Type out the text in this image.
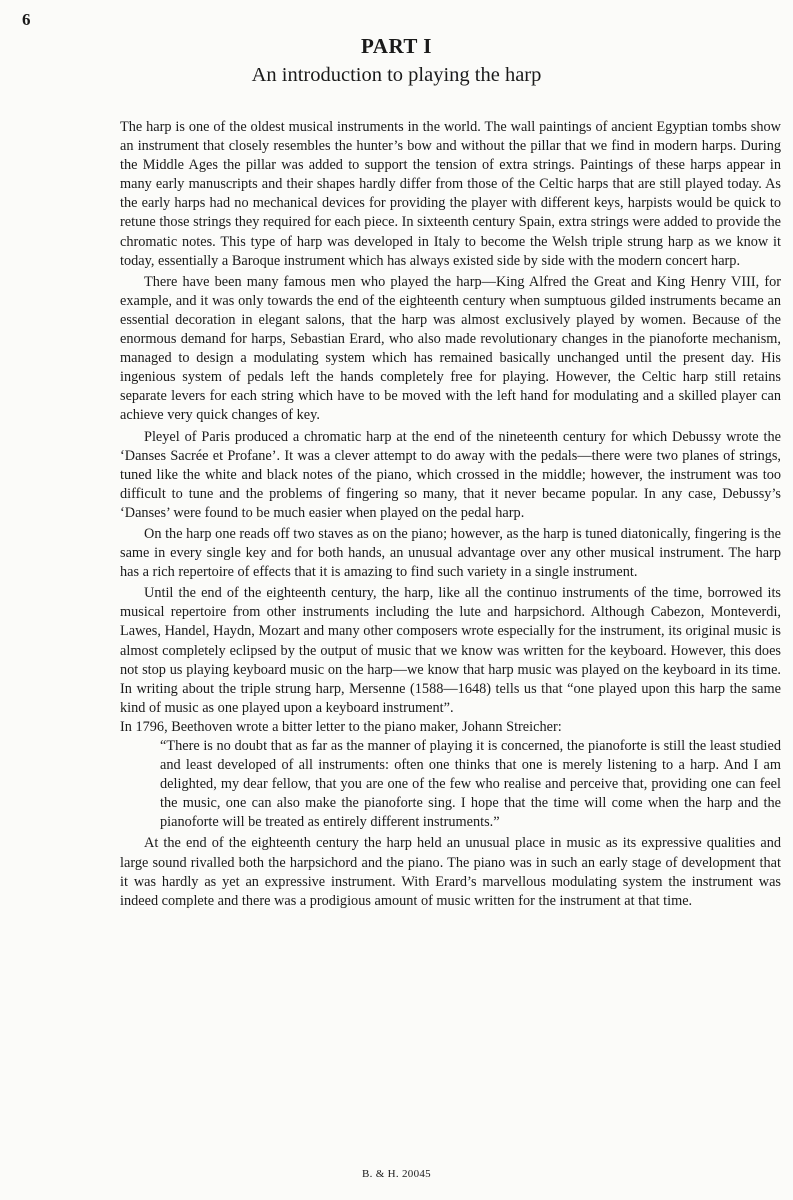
6
PART I
An introduction to playing the harp

The harp is one of the oldest musical instruments in the world. The wall paintings of ancient Egyptian tombs show an instrument that closely resembles the hunter’s bow and without the pillar that we find in modern harps. During the Middle Ages the pillar was added to support the tension of extra strings. Paintings of these harps appear in many early manuscripts and their shapes hardly differ from those of the Celtic harps that are still played today. As the early harps had no mechanical devices for providing the player with different keys, harpists would be quick to retune those strings they required for each piece. In sixteenth century Spain, extra strings were added to provide the chromatic notes. This type of harp was developed in Italy to become the Welsh triple strung harp as we know it today, essentially a Baroque instrument which has always existed side by side with the modern concert harp.

There have been many famous men who played the harp—King Alfred the Great and King Henry VIII, for example, and it was only towards the end of the eighteenth century when sumptuous gilded instruments became an essential decoration in elegant salons, that the harp was almost exclusively played by women. Because of the enormous demand for harps, Sebastian Erard, who also made revolutionary changes in the pianoforte mechanism, managed to design a modulating system which has remained basically unchanged until the present day. His ingenious system of pedals left the hands completely free for playing. However, the Celtic harp still retains separate levers for each string which have to be moved with the left hand for modulating and a skilled player can achieve very quick changes of key.

Pleyel of Paris produced a chromatic harp at the end of the nineteenth century for which Debussy wrote the ‘Danses Sacrée et Profane’. It was a clever attempt to do away with the pedals—there were two planes of strings, tuned like the white and black notes of the piano, which crossed in the middle; however, the instrument was too difficult to tune and the problems of fingering so many, that it never became popular. In any case, Debussy’s ‘Danses’ were found to be much easier when played on the pedal harp.

On the harp one reads off two staves as on the piano; however, as the harp is tuned diatonically, fingering is the same in every single key and for both hands, an unusual advantage over any other musical instrument. The harp has a rich repertoire of effects that it is amazing to find such variety in a single instrument.

Until the end of the eighteenth century, the harp, like all the continuo instruments of the time, borrowed its musical repertoire from other instruments including the lute and harpsichord. Although Cabezon, Monteverdi, Lawes, Handel, Haydn, Mozart and many other composers wrote especially for the instrument, its original music is almost completely eclipsed by the output of music that we know was written for the keyboard. However, this does not stop us playing keyboard music on the harp—we know that harp music was played on the keyboard in its time. In writing about the triple strung harp, Mersenne (1588—1648) tells us that “one played upon this harp the same kind of music as one played upon a keyboard instrument”.

In 1796, Beethoven wrote a bitter letter to the piano maker, Johann Streicher:

“There is no doubt that as far as the manner of playing it is concerned, the pianoforte is still the least studied and least developed of all instruments: often one thinks that one is merely listening to a harp. And I am delighted, my dear fellow, that you are one of the few who realise and perceive that, providing one can feel the music, one can also make the pianoforte sing. I hope that the time will come when the harp and the pianoforte will be treated as entirely different instruments.”

At the end of the eighteenth century the harp held an unusual place in music as its expressive qualities and large sound rivalled both the harpsichord and the piano. The piano was in such an early stage of development that it was hardly as yet an expressive instrument. With Erard’s marvellous modulating system the instrument was indeed complete and there was a prodigious amount of music written for the instrument at that time.

B. & H. 20045
